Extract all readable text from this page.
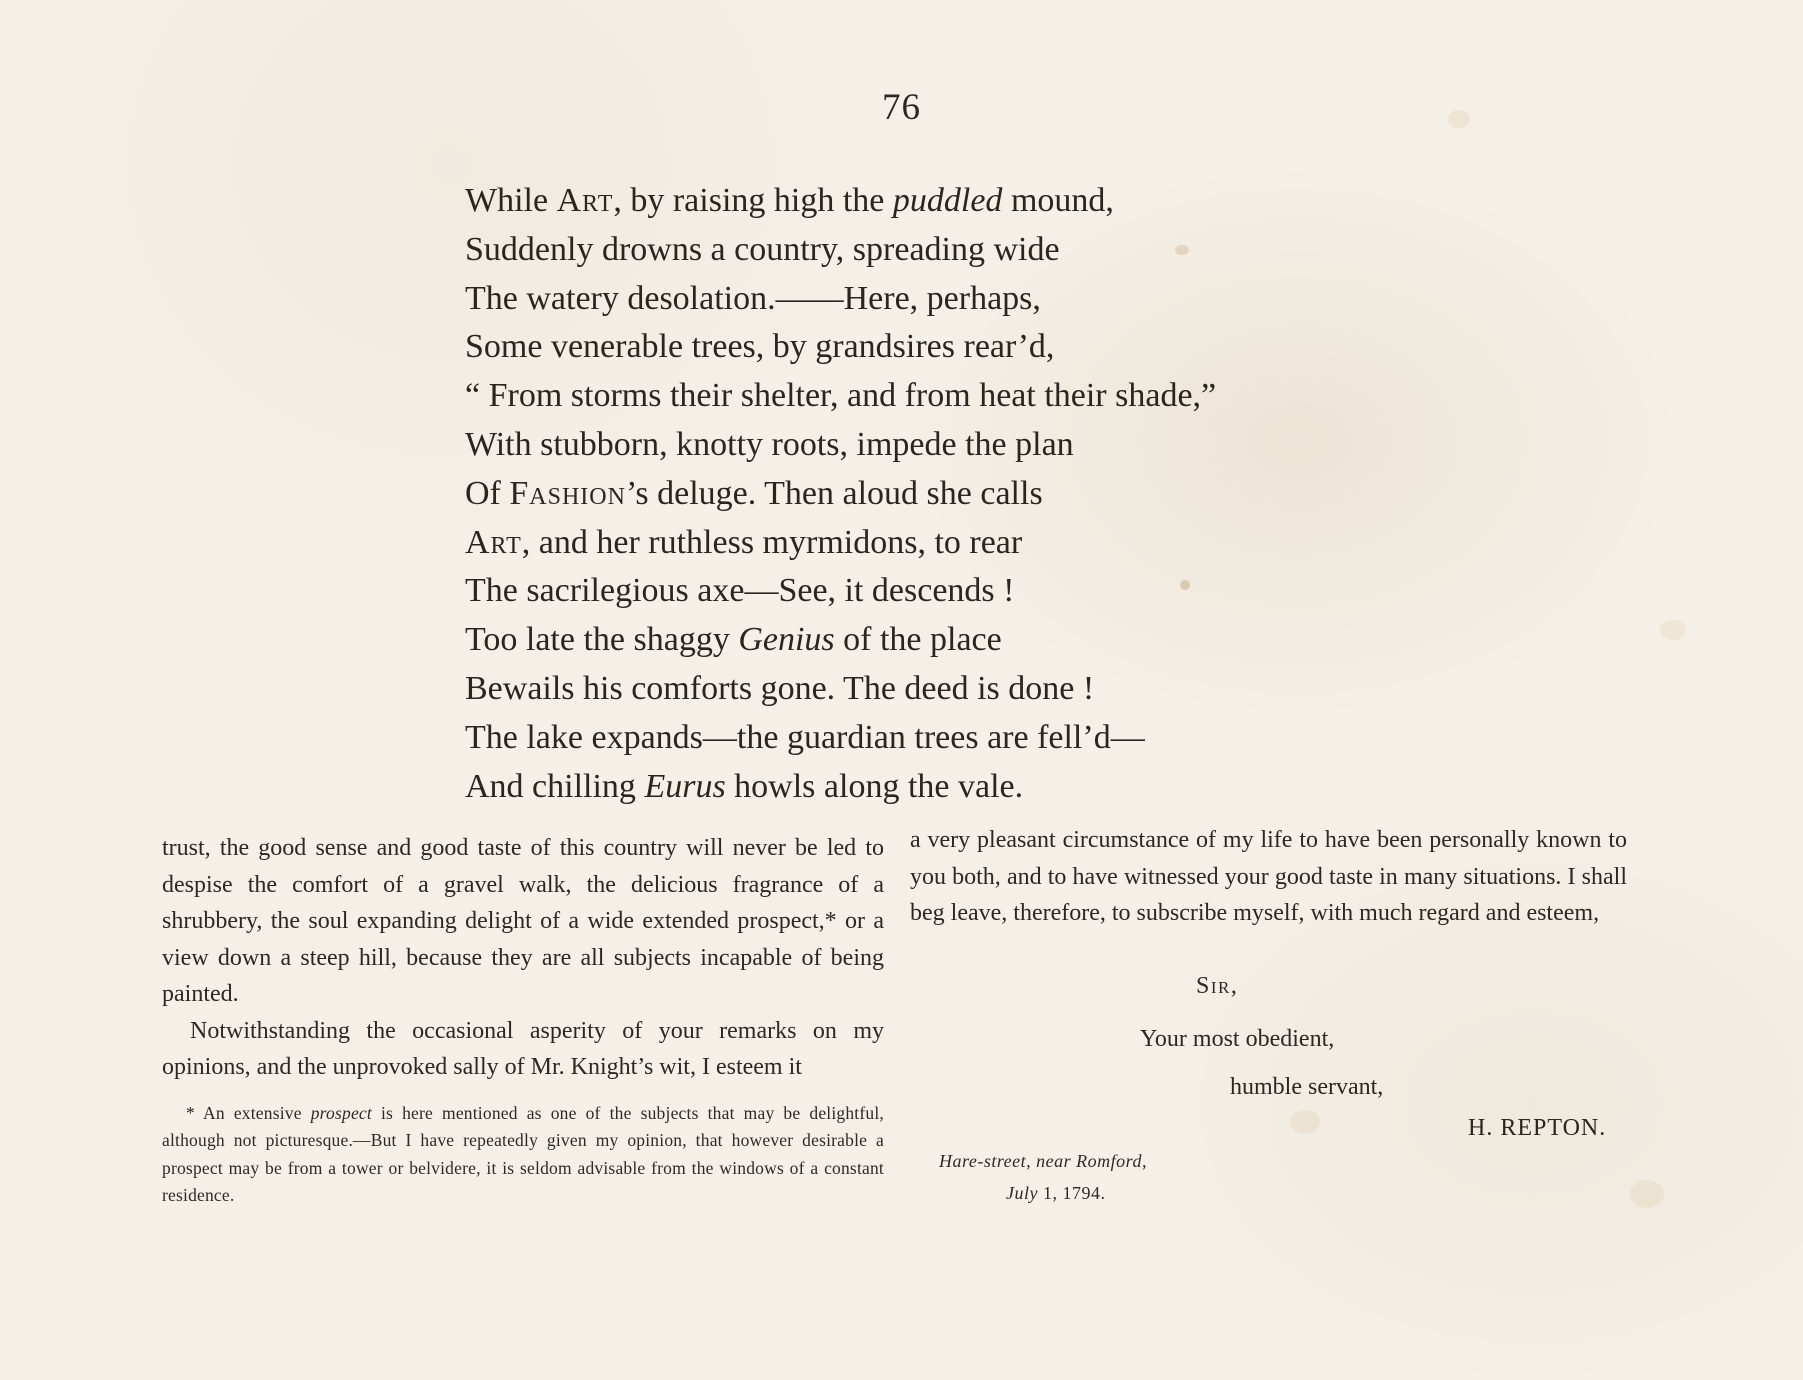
76
While Art, by raising high the puddled mound,
Suddenly drowns a country, spreading wide
The watery desolation.——Here, perhaps,
Some venerable trees, by grandsires rear’d,
“ From storms their shelter, and from heat their shade,”
With stubborn, knotty roots, impede the plan
Of Fashion’s deluge. Then aloud she calls
Art, and her ruthless myrmidons, to rear
The sacrilegious axe—See, it descends !
Too late the shaggy Genius of the place
Bewails his comforts gone. The deed is done !
The lake expands—the guardian trees are fell’d—
And chilling Eurus howls along the vale.

trust, the good sense and good taste of this country will never be led to despise the comfort of a gravel walk, the delicious fragrance of a shrubbery, the soul expanding delight of a wide extended prospect,* or a view down a steep hill, because they are all subjects incapable of being painted.

Notwithstanding the occasional asperity of your remarks on my opinions, and the unprovoked sally of Mr. Knight’s wit, I esteem it

* An extensive prospect is here mentioned as one of the subjects that may be delightful, although not picturesque.—But I have repeatedly given my opinion, that however desirable a prospect may be from a tower or belvidere, it is seldom advisable from the windows of a constant residence.

a very pleasant circumstance of my life to have been personally known to you both, and to have witnessed your good taste in many situations. I shall beg leave, therefore, to subscribe myself, with much regard and esteem,

Sir,
Your most obedient,
humble servant,
H. REPTON.
Hare-street, near Romford,
July 1, 1794.
